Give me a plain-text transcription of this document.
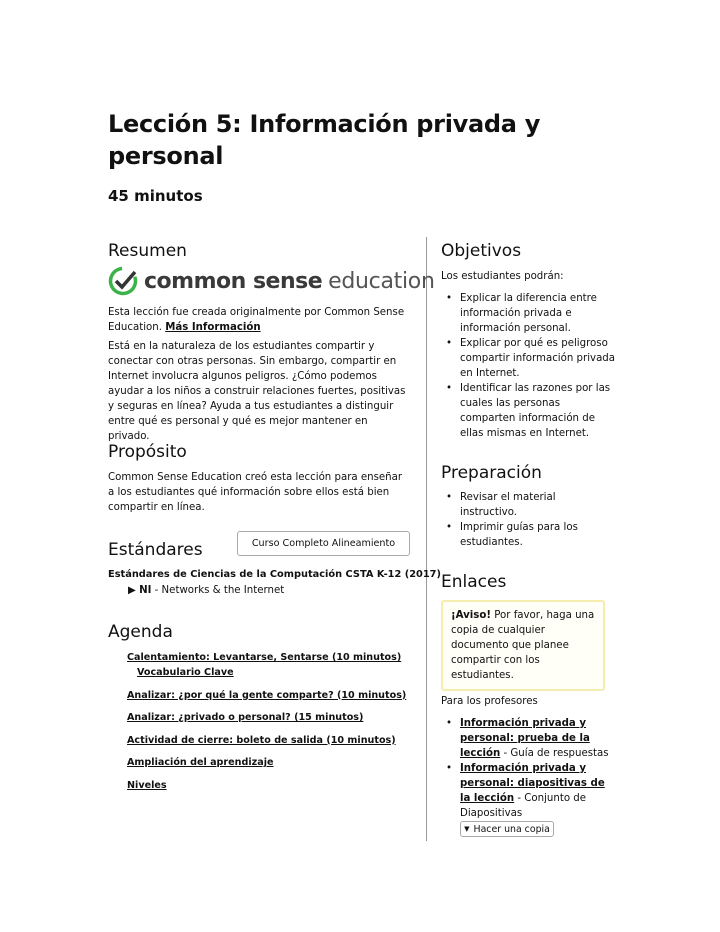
Lección 5: Información privada y personal
45 minutos
Resumen
common sense education

Esta lección fue creada originalmente por Common Sense Education. Más Información

Está en la naturaleza de los estudiantes compartir y conectar con otras personas. Sin embargo, compartir en Internet involucra algunos peligros. ¿Cómo podemos ayudar a los niños a construir relaciones fuertes, positivas y seguras en línea? Ayuda a tus estudiantes a distinguir entre qué es personal y qué es mejor mantener en privado.

Propósito

Common Sense Education creó esta lección para enseñar a los estudiantes qué información sobre ellos está bien compartir en línea.

Estándares	Curso Completo Alineamiento
Estándares de Ciencias de la Computación CSTA K-12 (2017)
▶ NI - Networks & the Internet
Agenda
Calentamiento: Levantarse, Sentarse (10 minutos)
Vocabulario Clave
Analizar: ¿por qué la gente comparte? (10 minutos)
Analizar: ¿privado o personal? (15 minutos)
Actividad de cierre: boleto de salida (10 minutos)
Ampliación del aprendizaje
Niveles
Objetivos

Los estudiantes podrán:

• Explicar la diferencia entre información privada e información personal.
• Explicar por qué es peligroso compartir información privada en Internet.
• Identificar las razones por las cuales las personas comparten información de ellas mismas en Internet.
Preparación
• Revisar el material instructivo.
• Imprimir guías para los estudiantes.
Enlaces

¡Aviso! Por favor, haga una copia de cualquier documento que planee compartir con los estudiantes.

Para los profesores

• Información privada y personal: prueba de la lección - Guía de respuestas
• Información privada y personal: diapositivas de la lección - Conjunto de Diapositivas
▼ Hacer una copia
